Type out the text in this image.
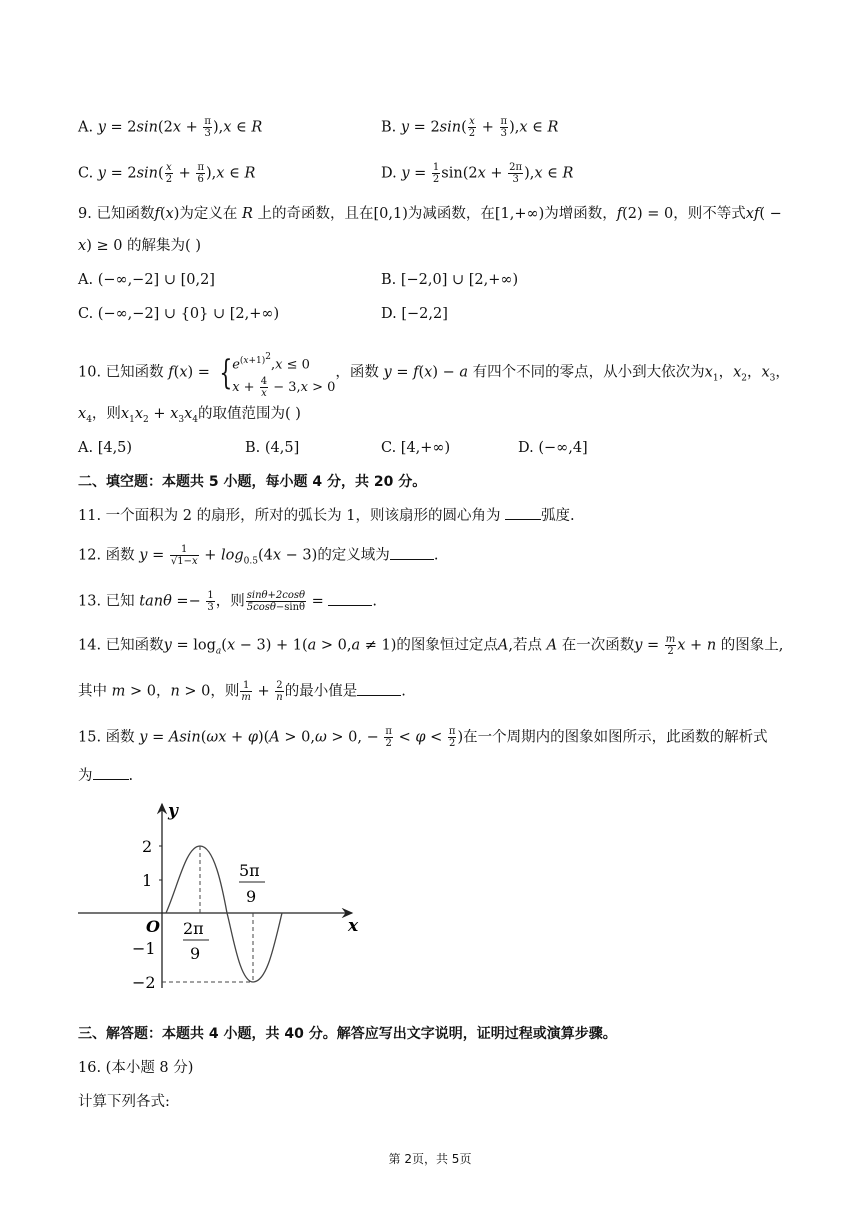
A. $y = 2\sin(2x + \frac{\pi}{3} ),x$ ∈ R	B. $y = 2\sin( \frac{x}{2} + \frac{\pi}{3} ),x$ ∈ R
C. $y = 2\sin( \frac{x}{2} + \frac{\pi}{6} ),x$ ∈ R	D. $y = \frac{1}{2} \sin(2x + \frac{2\pi}{3} ),x$ ∈ R
9. 已知函数f(x)为定义在 R 上的奇函数，且在[0,1)为减函数，在[1,+∞)为增函数，f(2) = 0，则不等式xf( −
x) ≥ 0 的解集为( )
A. (−∞,−2] ∪ [0,2]	B. [−2,0] ∪ [2,+∞)
C. (−∞,−2] ∪ {0} ∪ [2,+∞)	D. [−2,2]
10. 已知函数 f(x) = { $e^{(x+1)^2},x \le 0$
$x + \frac{4}{x} - 3,x > 0$
，函数 y = f(x) − a 有四个不同的零点，从小到大依次为$x_1$，$x_2$，$x_3$，
$x_4$，则$x_1x_2 + x_3x_4$的取值范围为( )
A. [4,5)	B. (4,5]	C. [4,+∞)	D. (−∞,4]
二、填空题：本题共 5 小题，每小题 4 分，共 20 分。
11. 一个面积为 2 的扇形，所对的弧长为 1，则该扇形的圆心角为	弧度.
12. 函数 $y = \frac{1}{√1-x} + \log_{0.5}(4x - 3)$的定义域为	.
13. 已知 $\tan\theta =- \frac{1}{3}$ ，则 $\frac{\sin\theta+2\cos\theta}{5\cos\theta-\sin\theta}$ =	.
14. 已知函数$y = \log_a(x - 3) + 1(a > 0,a \ne 1)$的图象恒过定点A,若点 A 在一次函数$y = \frac{m}{2}$ x + n 的图象上,
其中 m > 0，n > 0，则 $\frac{1}{m} + \frac{2}{n}$ 的最小值是	.
15. 函数 y = Asin(ωx + φ)(A > 0,ω > 0, − $\frac{\pi}{2} < \varphi < \frac{\pi}{2}$ )在一个周期内的图象如图所示，此函数的解析式
为 .
y
x
O
2
1
−1
−2
2π
9
5π
9
三、解答题：本题共 4 小题，共 40 分。解答应写出文字说明，证明过程或演算步骤。
16. (本小题 8 分)
计算下列各式:
第 2页，共 5页
